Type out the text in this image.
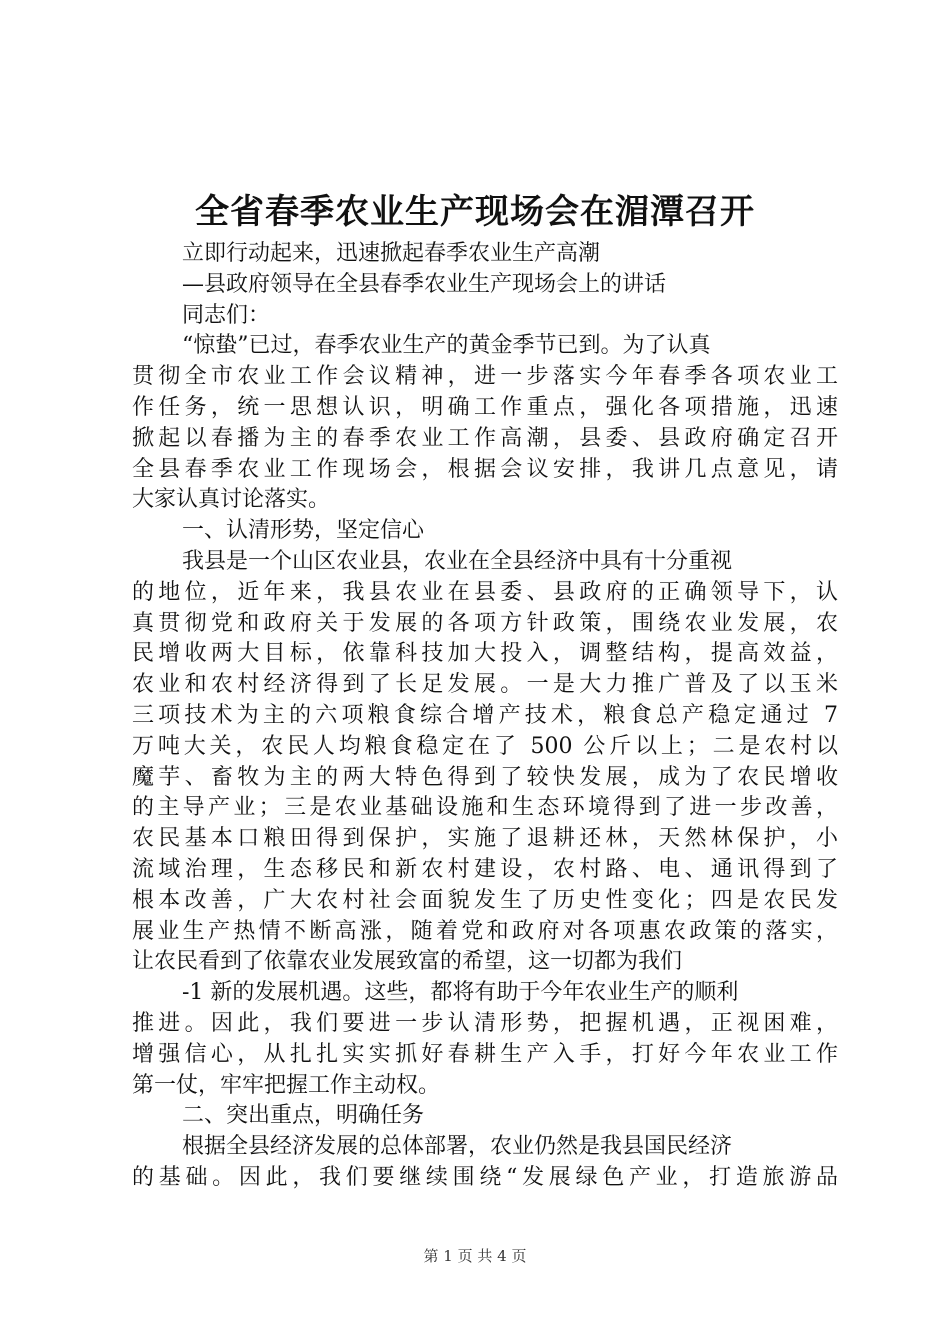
全省春季农业生产现场会在湄潭召开
立即行动起来，迅速掀起春季农业生产高潮
—县政府领导在全县春季农业生产现场会上的讲话
同志们：
“惊蛰”已过，春季农业生产的黄金季节已到。为了认真
贯彻全市农业工作会议精神，进一步落实今年春季各项农业工
作任务，统一思想认识，明确工作重点，强化各项措施，迅速
掀起以春播为主的春季农业工作高潮，县委、县政府确定召开
全县春季农业工作现场会，根据会议安排，我讲几点意见，请
大家认真讨论落实。
一、认清形势，坚定信心
我县是一个山区农业县，农业在全县经济中具有十分重视
的地位，近年来，我县农业在县委、县政府的正确领导下，认
真贯彻党和政府关于发展的各项方针政策，围绕农业发展，农
民增收两大目标，依靠科技加大投入，调整结构，提高效益，
农业和农村经济得到了长足发展。一是大力推广普及了以玉米
三项技术为主的六项粮食综合增产技术，粮食总产稳定通过 7
万吨大关，农民人均粮食稳定在了 500 公斤以上；二是农村以
魔芋、畜牧为主的两大特色得到了较快发展，成为了农民增收
的主导产业；三是农业基础设施和生态环境得到了进一步改善，
农民基本口粮田得到保护，实施了退耕还林，天然林保护，小
流域治理，生态移民和新农村建设，农村路、电、通讯得到了
根本改善，广大农村社会面貌发生了历史性变化；四是农民发
展业生产热情不断高涨，随着党和政府对各项惠农政策的落实，
让农民看到了依靠农业发展致富的希望，这一切都为我们
-1 新的发展机遇。这些，都将有助于今年农业生产的顺利
推进。因此，我们要进一步认清形势，把握机遇，正视困难，
增强信心，从扎扎实实抓好春耕生产入手，打好今年农业工作
第一仗，牢牢把握工作主动权。
二、突出重点，明确任务
根据全县经济发展的总体部署，农业仍然是我县国民经济
的基础。因此，我们要继续围绕“发展绿色产业，打造旅游品
第 1 页 共 4 页
